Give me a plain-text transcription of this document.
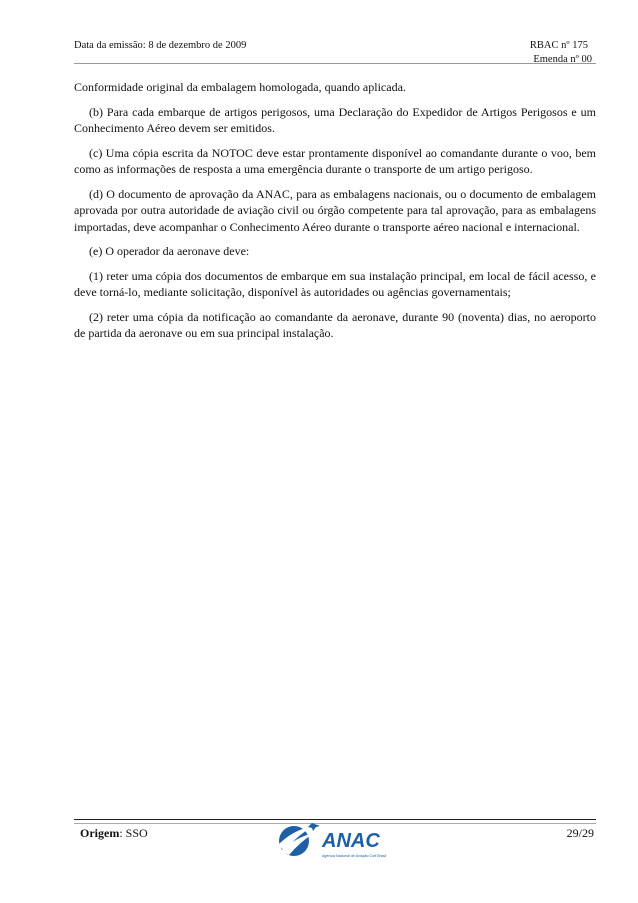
Data da emissão: 8 de dezembro de 2009	RBAC nº 175
Emenda nº 00

Conformidade original da embalagem homologada, quando aplicada.

(b) Para cada embarque de artigos perigosos, uma Declaração do Expedidor de Artigos Perigosos e um Conhecimento Aéreo devem ser emitidos.

(c) Uma cópia escrita da NOTOC deve estar prontamente disponível ao comandante durante o voo, bem como as informações de resposta a uma emergência durante o transporte de um artigo perigoso.

(d) O documento de aprovação da ANAC, para as embalagens nacionais, ou o documento de embalagem aprovada por outra autoridade de aviação civil ou órgão competente para tal aprovação, para as embalagens importadas, deve acompanhar o Conhecimento Aéreo durante o transporte aéreo nacional e internacional.

(e) O operador da aeronave deve:

(1) reter uma cópia dos documentos de embarque em sua instalação principal, em local de fácil acesso, e deve torná-lo, mediante solicitação, disponível às autoridades ou agências governamentais;

(2) reter uma cópia da notificação ao comandante da aeronave, durante 90 (noventa) dias, no aeroporto de partida da aeronave ou em sua principal instalação.

Origem: SSO	ANAC
Agência Nacional de Aviação Civil Brasil
29/29
